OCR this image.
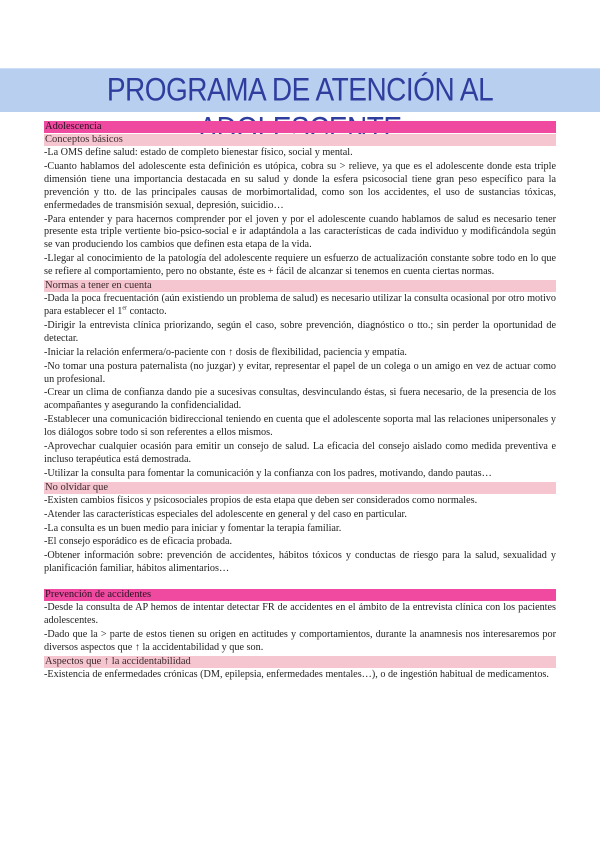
PROGRAMA DE ATENCIÓN AL
Adolescencia
Conceptos básicos

-La OMS define salud: estado de completo bienestar físico, social y mental.

-Cuanto hablamos del adolescente esta definición es utópica, cobra su > relieve, ya que es el adolescente donde esta triple dimensión tiene una importancia destacada en su salud y donde la esfera psicosocial tiene gran peso específico para la prevención y tto. de las principales causas de morbimortalidad, como son los accidentes, el uso de sustancias tóxicas, enfermedades de transmisión sexual, depresión, suicidio…

-Para entender y para hacernos comprender por el joven y por el adolescente cuando hablamos de salud es necesario tener presente esta triple vertiente bio-psico-social e ir adaptándola a las características de cada individuo y modificándola según se van produciendo los cambios que definen esta etapa de la vida.

-Llegar al conocimiento de la patología del adolescente requiere un esfuerzo de actualización constante sobre todo en lo que se refiere al comportamiento, pero no obstante, éste es + fácil de alcanzar si tenemos en cuenta ciertas normas.

Normas a tener en cuenta

-Dada la poca frecuentación (aún existiendo un problema de salud) es necesario utilizar la consulta ocasional por otro motivo para establecer el 1er contacto.

-Dirigir la entrevista clínica priorizando, según el caso, sobre prevención, diagnóstico o tto.; sin perder la oportunidad de detectar.

-Iniciar la relación enfermera/o-paciente con ↑ dosis de flexibilidad, paciencia y empatía.

-No tomar una postura paternalista (no juzgar) y evitar, representar el papel de un colega o un amigo en vez de actuar como un profesional.

-Crear un clima de confianza dando pie a sucesivas consultas, desvinculando éstas, si fuera necesario, de la presencia de los acompañantes y asegurando la confidencialidad.

-Establecer una comunicación bidireccional teniendo en cuenta que el adolescente soporta mal las relaciones unipersonales y los diálogos sobre todo si son referentes a ellos mismos.

-Aprovechar cualquier ocasión para emitir un consejo de salud. La eficacia del consejo aislado como medida preventiva e incluso terapéutica está demostrada.

-Utilizar la consulta para fomentar la comunicación y la confianza con los padres, motivando, dando pautas…

No olvidar que

-Existen cambios físicos y psicosociales propios de esta etapa que deben ser considerados como normales.

-Atender las características especiales del adolescente en general y del caso en particular.

-La consulta es un buen medio para iniciar y fomentar la terapia familiar.

-El consejo esporádico es de eficacia probada.

-Obtener información sobre: prevención de accidentes, hábitos tóxicos y conductas de riesgo para la salud, sexualidad y planificación familiar, hábitos alimentarios…

Prevención de accidentes

-Desde la consulta de AP hemos de intentar detectar FR de accidentes en el ámbito de la entrevista clínica con los pacientes adolescentes.

-Dado que la > parte de estos tienen su origen en actitudes y comportamientos, durante la anamnesis nos interesaremos por diversos aspectos que ↑ la accidentabilidad y que son.

Aspectos que ↑ la accidentabilidad

-Existencia de enfermedades crónicas (DM, epilepsia, enfermedades mentales…), o de ingestión habitual de medicamentos.
